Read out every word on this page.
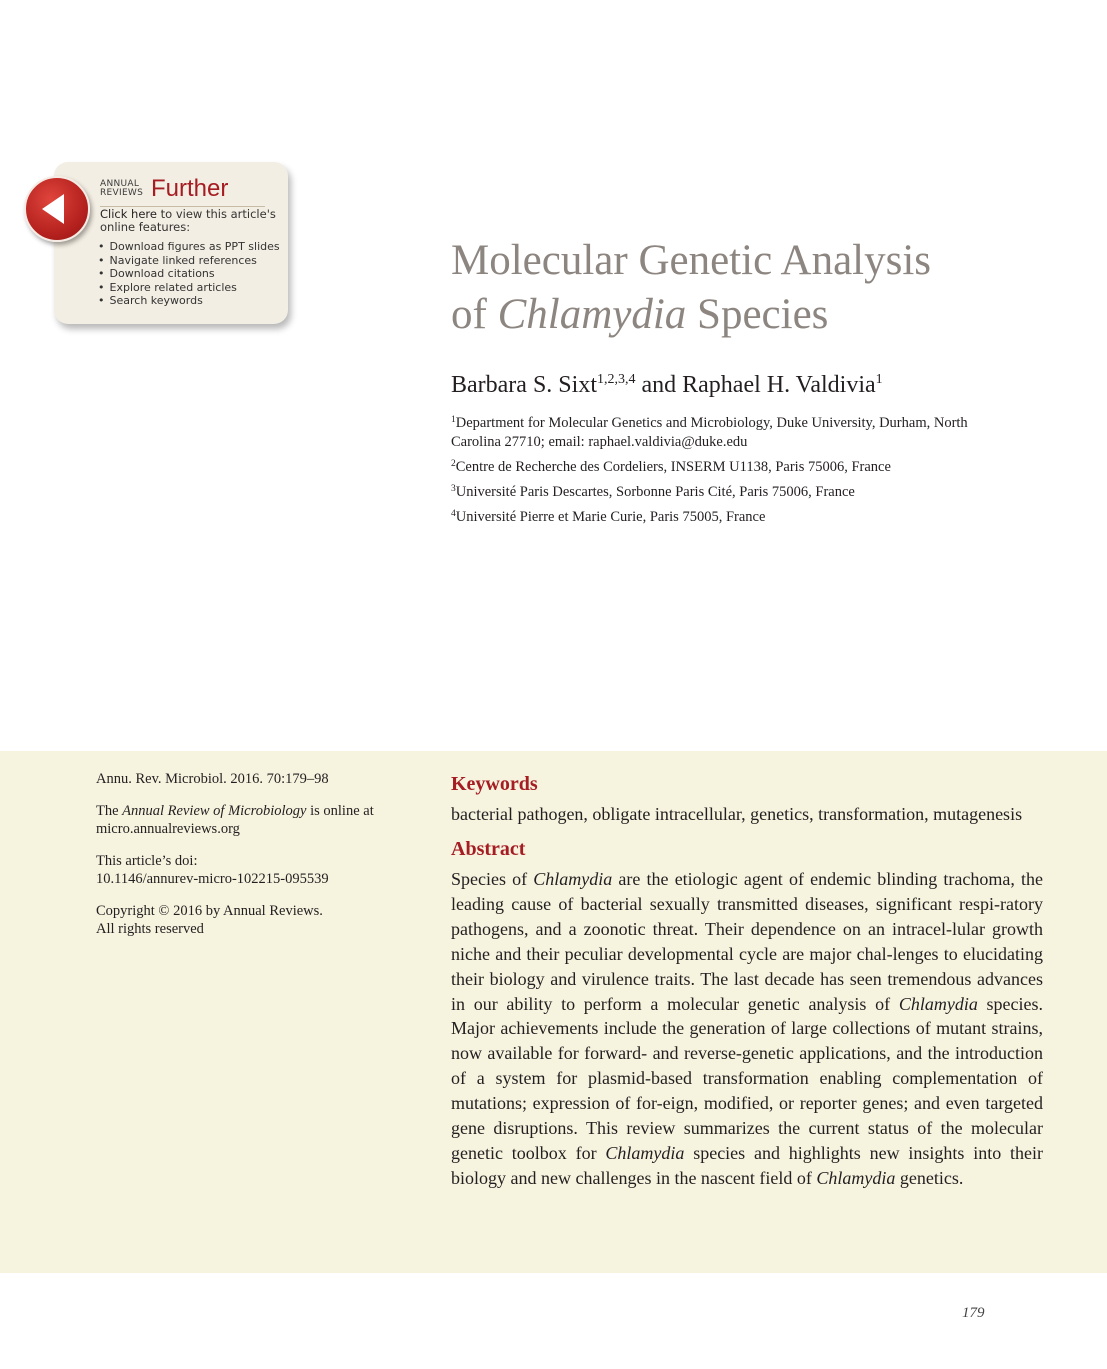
ANNUAL
REVIEWS Further
Click here to view this article's online features:
• Download figures as PPT slides
• Navigate linked references
• Download citations
• Explore related articles
• Search keywords
Molecular Genetic Analysis
of Chlamydia Species

Barbara S. Sixt$^{1,2,3,4}$ and Raphael H. Valdivia$^1$

$^1$Department for Molecular Genetics and Microbiology, Duke University, Durham, North Carolina 27710; email: raphael.valdivia@duke.edu

$^2$Centre de Recherche des Cordeliers, INSERM U1138, Paris 75006, France

$^3$Université Paris Descartes, Sorbonne Paris Cité, Paris 75006, France

$^4$Université Pierre et Marie Curie, Paris 75005, France

Annu. Rev. Microbiol. 2016. 70:179–98

The Annual Review of Microbiology is online at micro.annualreviews.org

This article’s doi:
10.1146/annurev-micro-102215-095539

Copyright © 2016 by Annual Reviews.
All rights reserved

Keywords

bacterial pathogen, obligate intracellular, genetics, transformation, mutagenesis

Abstract

Species of Chlamydia are the etiologic agent of endemic blinding trachoma, the leading cause of bacterial sexually transmitted diseases, significant respi-ratory pathogens, and a zoonotic threat. Their dependence on an intracel-lular growth niche and their peculiar developmental cycle are major chal-lenges to elucidating their biology and virulence traits. The last decade has seen tremendous advances in our ability to perform a molecular genetic analysis of Chlamydia species. Major achievements include the generation of large collections of mutant strains, now available for forward- and reverse-genetic applications, and the introduction of a system for plasmid-based transformation enabling complementation of mutations; expression of for-eign, modified, or reporter genes; and even targeted gene disruptions. This review summarizes the current status of the molecular genetic toolbox for Chlamydia species and highlights new insights into their biology and new challenges in the nascent field of Chlamydia genetics.

179
